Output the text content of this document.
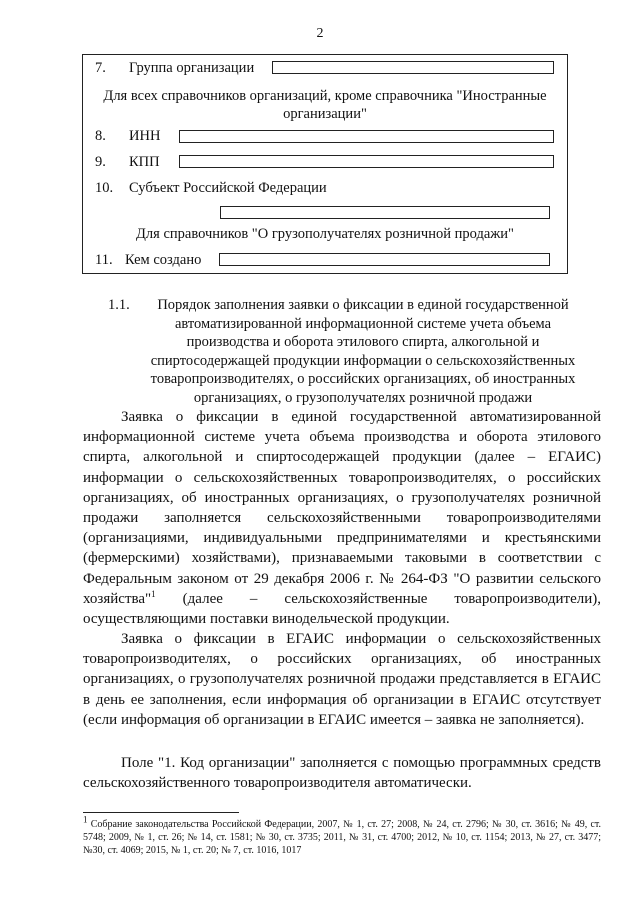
2
7. Группа организации
Для всех справочников организаций, кроме справочника "Иностранные организации"
8. ИНН
9. КПП
10. Субъект Российской Федерации
Для справочников "О грузополучателях розничной продажи"
11. Кем создано
1.1.	Порядок заполнения заявки о фиксации в единой государственной автоматизированной информационной системе учета объема производства и оборота этилового спирта, алкогольной и спиртосодержащей продукции информации о сельскохозяйственных товаропроизводителях, о российских организациях, об иностранных организациях, о грузополучателях розничной продажи
Заявка о фиксации в единой государственной автоматизированной информационной системе учета объема производства и оборота этилового спирта, алкогольной и спиртосодержащей продукции (далее – ЕГАИС) информации о сельскохозяйственных товаропроизводителях, о российских организациях, об иностранных организациях, о грузополучателях розничной продажи заполняется сельскохозяйственными товаропроизводителями (организациями, индивидуальными предпринимателями и крестьянскими (фермерскими) хозяйствами), признаваемыми таковыми в соответствии с Федеральным законом от 29 декабря 2006 г. № 264-ФЗ "О развитии сельского хозяйства"$^1$ (далее – сельскохозяйственные товаропроизводители), осуществляющими поставки винодельческой продукции.
Заявка о фиксации в ЕГАИС информации о сельскохозяйственных товаропроизводителях, о российских организациях, об иностранных организациях, о грузополучателях розничной продажи представляется в ЕГАИС в день ее заполнения, если информация об организации в ЕГАИС отсутствует (если информация об организации в ЕГАИС имеется – заявка не заполняется).
Поле "1. Код организации" заполняется с помощью программных средств сельскохозяйственного товаропроизводителя автоматически.
$^1$ Собрание законодательства Российской Федерации, 2007, № 1, ст. 27; 2008, № 24, ст. 2796; № 30, ст. 3616; № 49, ст. 5748; 2009, № 1, ст. 26; № 14, ст. 1581; № 30, ст. 3735; 2011, № 31, ст. 4700; 2012, № 10, ст. 1154; 2013, № 27, ст. 3477; №30, ст. 4069; 2015, № 1, ст. 20; № 7, ст. 1016, 1017
